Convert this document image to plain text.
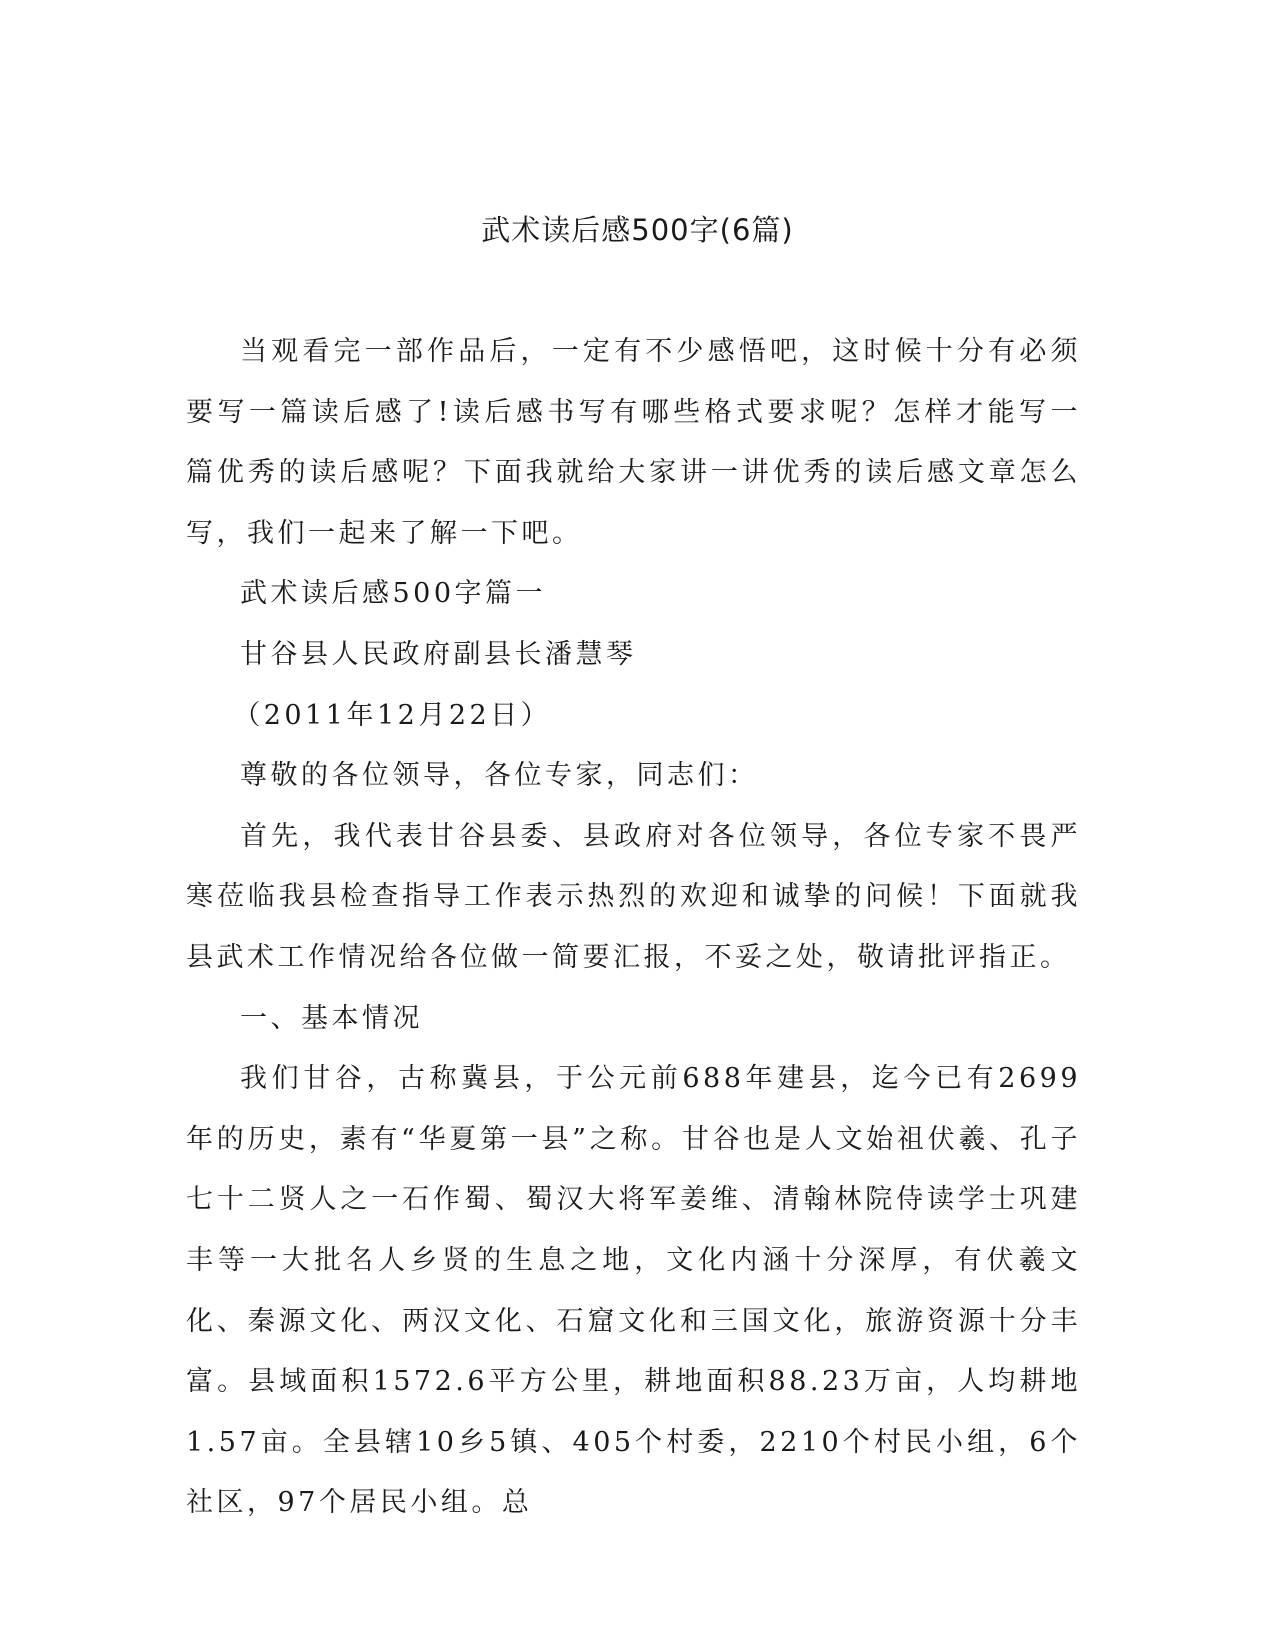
武术读后感500字(6篇)

当观看完一部作品后，一定有不少感悟吧，这时候十分有必须要写一篇读后感了!读后感书写有哪些格式要求呢？怎样才能写一篇优秀的读后感呢？下面我就给大家讲一讲优秀的读后感文章怎么写，我们一起来了解一下吧。

武术读后感500字篇一

甘谷县人民政府副县长潘慧琴

（2011年12月22日）

尊敬的各位领导，各位专家，同志们：

首先，我代表甘谷县委、县政府对各位领导，各位专家不畏严寒莅临我县检查指导工作表示热烈的欢迎和诚挚的问候！下面就我县武术工作情况给各位做一简要汇报，不妥之处，敬请批评指正。

一、基本情况

我们甘谷，古称冀县，于公元前688年建县，迄今已有2699年的历史，素有“华夏第一县”之称。甘谷也是人文始祖伏羲、孔子七十二贤人之一石作蜀、蜀汉大将军姜维、清翰林院侍读学士巩建丰等一大批名人乡贤的生息之地，文化内涵十分深厚，有伏羲文化、秦源文化、两汉文化、石窟文化和三国文化，旅游资源十分丰富。县域面积1572.6平方公里，耕地面积88.23万亩，人均耕地1.57亩。全县辖10乡5镇、405个村委，2210个村民小组，6个社区，97个居民小组。总
